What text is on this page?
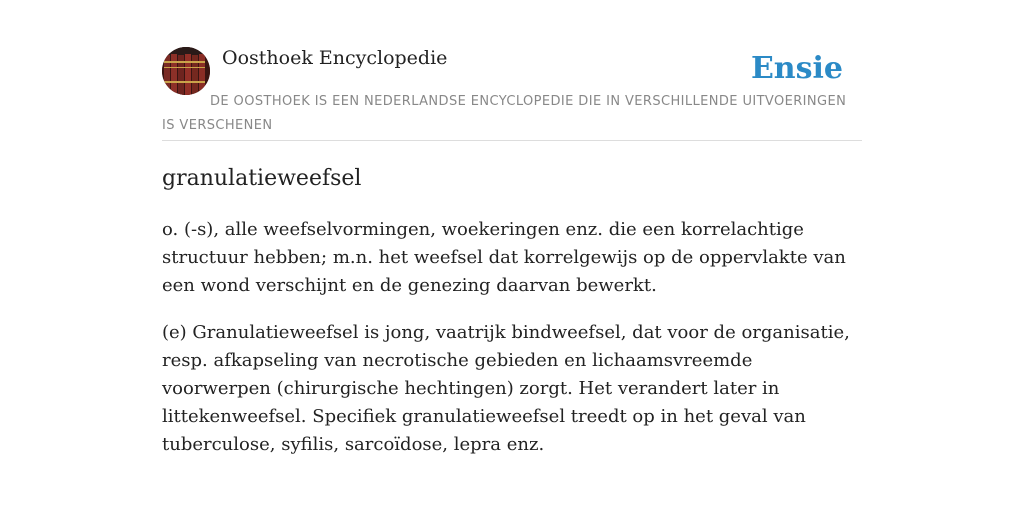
Oosthoek Encyclopedie	Ensie
DE OOSTHOEK IS EEN NEDERLANDSE ENCYCLOPEDIE DIE IN VERSCHILLENDE UITVOERINGEN IS VERSCHENEN
granulatieweefsel

o. (-s), alle weefselvormingen, woekeringen enz. die een korrelachtige structuur hebben; m.n. het weefsel dat korrelgewijs op de oppervlakte van een wond verschijnt en de genezing daarvan bewerkt.

(e) Granulatieweefsel is jong, vaatrijk bindweefsel, dat voor de organisatie, resp. afkapseling van necrotische gebieden en lichaamsvreemde voorwerpen (chirurgische hechtingen) zorgt. Het verandert later in littekenweefsel. Specifiek granulatieweefsel treedt op in het geval van tuberculose, syfilis, sarcoïdose, lepra enz.
